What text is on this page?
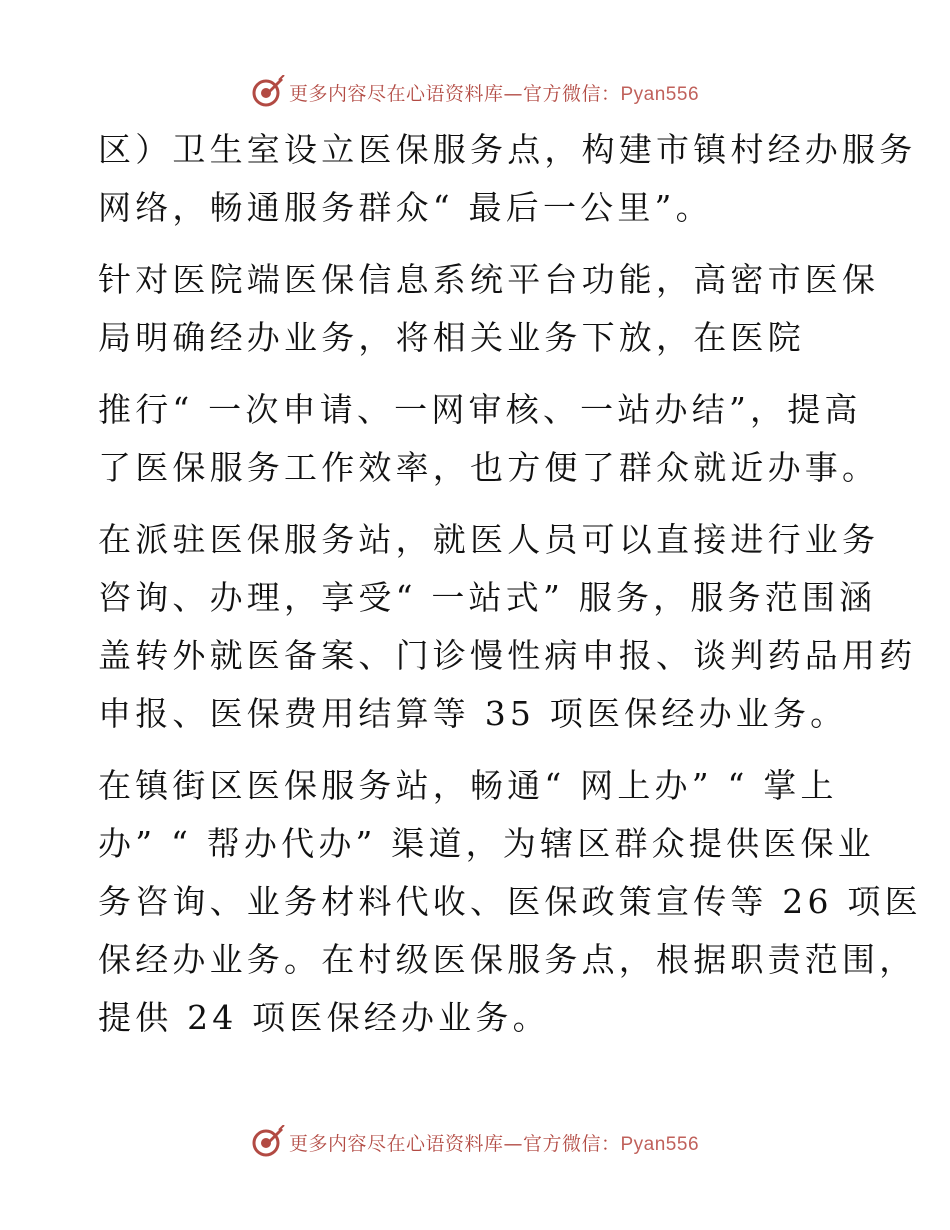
更多内容尽在心语资料库—官方微信：Pyan556
区）卫生室设立医保服务点，构建市镇村经办服务
网络，畅通服务群众“ 最后一公里”。
针对医院端医保信息系统平台功能，高密市医保
局明确经办业务，将相关业务下放，在医院
推行“ 一次申请、一网审核、一站办结”，提高
了医保服务工作效率，也方便了群众就近办事。
在派驻医保服务站，就医人员可以直接进行业务
咨询、办理，享受“ 一站式” 服务，服务范围涵
盖转外就医备案、门诊慢性病申报、谈判药品用药
申报、医保费用结算等 35 项医保经办业务。
在镇街区医保服务站，畅通“ 网上办” “ 掌上
办” “ 帮办代办” 渠道，为辖区群众提供医保业
务咨询、业务材料代收、医保政策宣传等 26 项医
保经办业务。在村级医保服务点，根据职责范围，
提供 24 项医保经办业务。
更多内容尽在心语资料库—官方微信：Pyan556
